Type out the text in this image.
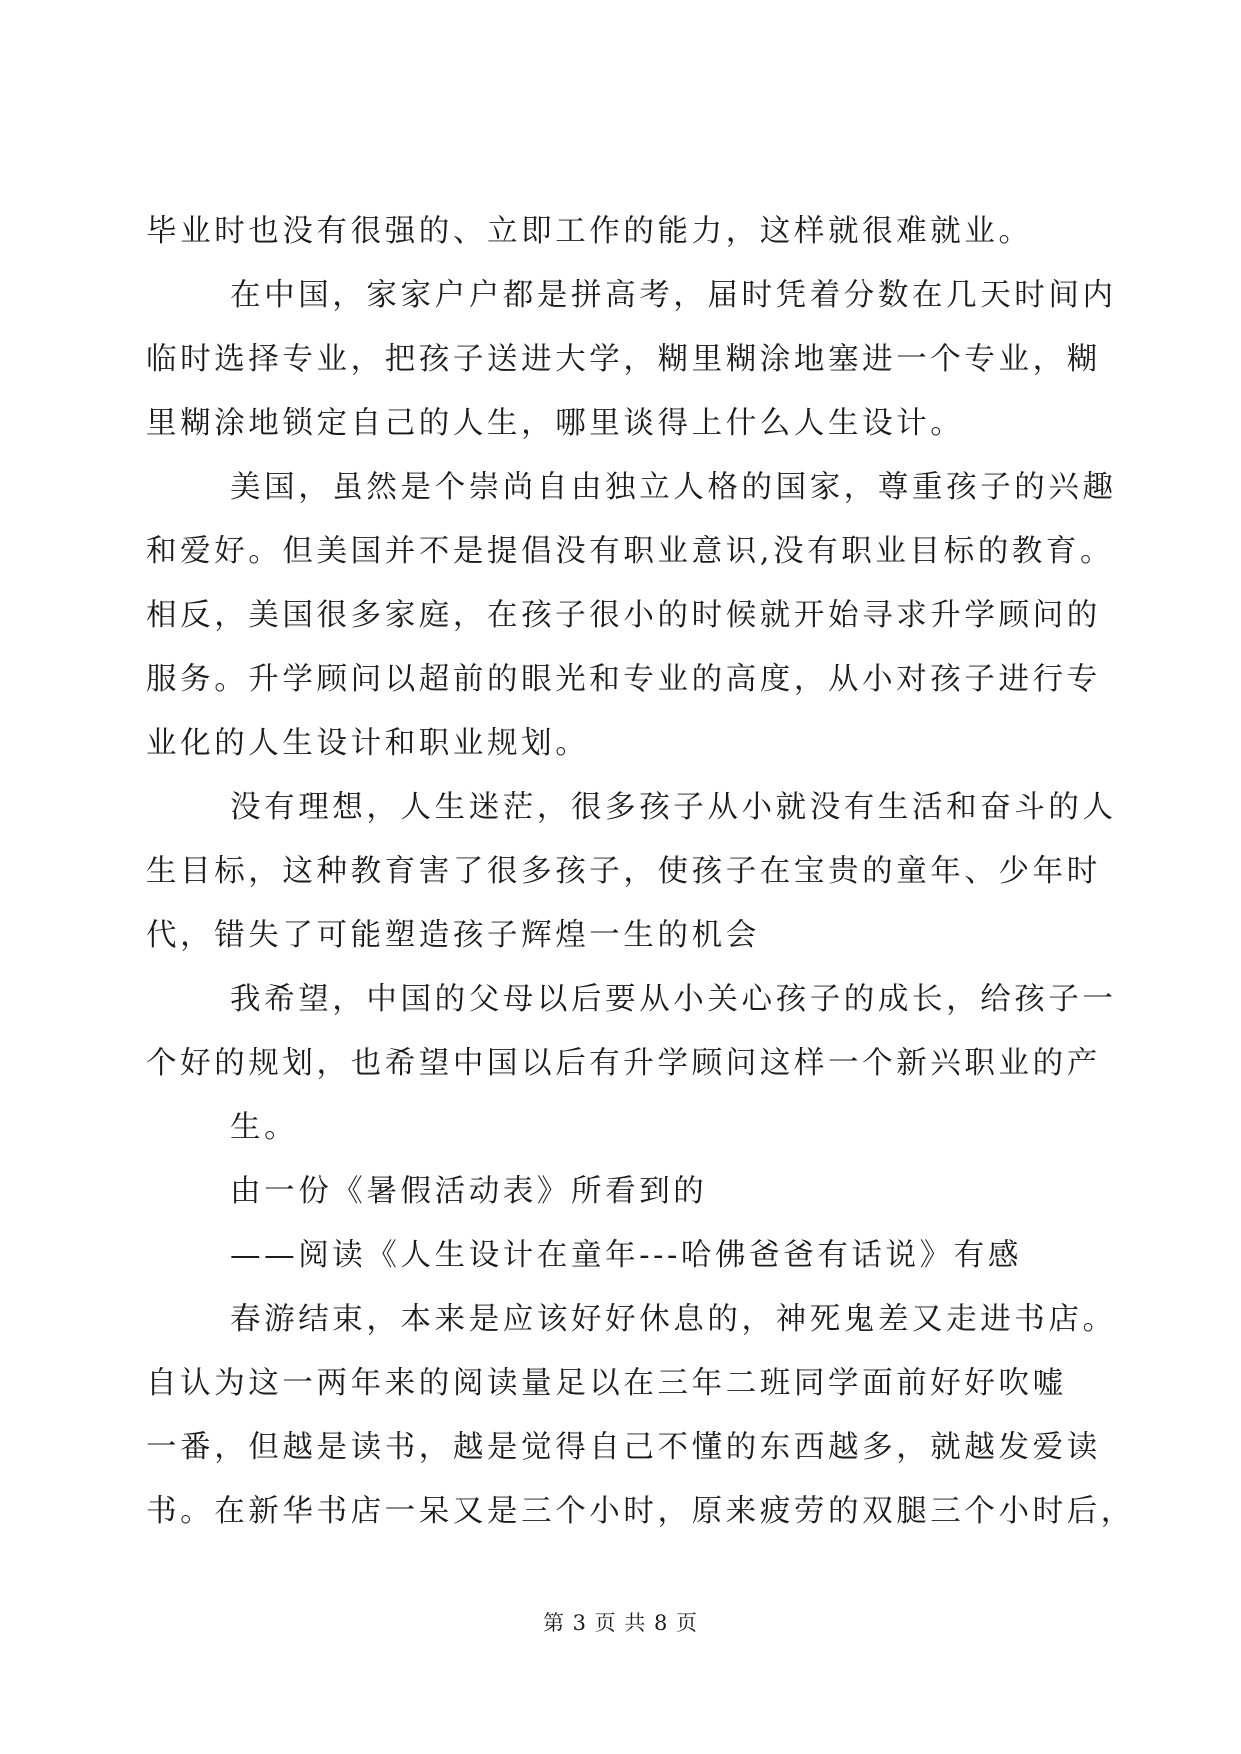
毕业时也没有很强的、立即工作的能力，这样就很难就业。
在中国，家家户户都是拼高考，届时凭着分数在几天时间内
临时选择专业，把孩子送进大学，糊里糊涂地塞进一个专业，糊
里糊涂地锁定自己的人生，哪里谈得上什么人生设计。
美国，虽然是个崇尚自由独立人格的国家，尊重孩子的兴趣
和爱好。但美国并不是提倡没有职业意识,没有职业目标的教育。
相反，美国很多家庭，在孩子很小的时候就开始寻求升学顾问的
服务。升学顾问以超前的眼光和专业的高度，从小对孩子进行专
业化的人生设计和职业规划。
没有理想，人生迷茫，很多孩子从小就没有生活和奋斗的人
生目标，这种教育害了很多孩子，使孩子在宝贵的童年、少年时
代，错失了可能塑造孩子辉煌一生的机会
我希望，中国的父母以后要从小关心孩子的成长，给孩子一
个好的规划，也希望中国以后有升学顾问这样一个新兴职业的产
生。
由一份《暑假活动表》所看到的
——阅读《人生设计在童年---哈佛爸爸有话说》有感
春游结束，本来是应该好好休息的，神死鬼差又走进书店。
自认为这一两年来的阅读量足以在三年二班同学面前好好吹嘘
一番，但越是读书，越是觉得自己不懂的东西越多，就越发爱读
书。在新华书店一呆又是三个小时，原来疲劳的双腿三个小时后，
第 3 页 共 8 页
